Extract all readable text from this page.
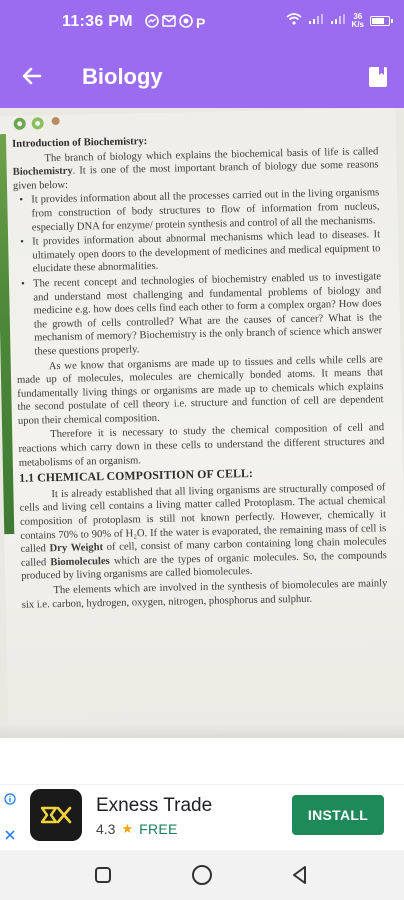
11:36 PM	P	36
K/s
Biology

Introduction of Biochemistry:

The branch of biology which explains the biochemical basis of life is called Biochemistry. It is one of the most important branch of biology due some reasons given below:

• It provides information about all the processes carried out in the living organisms from construction of body structures to flow of information from nucleus, especially DNA for enzyme/ protein synthesis and control of all the mechanisms.
• It provides information about abnormal mechanisms which lead to diseases. It ultimately open doors to the development of medicines and medical equipment to elucidate these abnormalities.
• The recent concept and technologies of biochemistry enabled us to investigate and understand most challenging and fundamental problems of biology and medicine e.g. how does cells find each other to form a complex organ? How does the growth of cells controlled? What are the causes of cancer? What is the mechanism of memory? Biochemistry is the only branch of science which answer these questions properly.

As we know that organisms are made up to tissues and cells while cells are made up of molecules, molecules are chemically bonded atoms. It means that fundamentally living things or organisms are made up to chemicals which explains the second postulate of cell theory i.e. structure and function of cell are dependent upon their chemical composition.

Therefore it is necessary to study the chemical composition of cell and reactions which carry down in these cells to understand the different structures and metabolisms of an organism.

1.1 CHEMICAL COMPOSITION OF CELL:

It is already established that all living organisms are structurally composed of cells and living cell contains a living matter called Protoplasm. The actual chemical composition of protoplasm is still not known perfectly. However, chemically it contains 70% to 90% of H₂O. If the water is evaporated, the remaining mass of cell is called Dry Weight of cell, consist of many carbon containing long chain molecules called Biomolecules which are the types of organic molecules. So, the compounds produced by living organisms are called biomolecules.

The elements which are involved in the synthesis of biomolecules are mainly six i.e. carbon, hydrogen, oxygen, nitrogen, phosphorus and sulphur.

Exness Trade
4.3 ★ FREE
INSTALL
